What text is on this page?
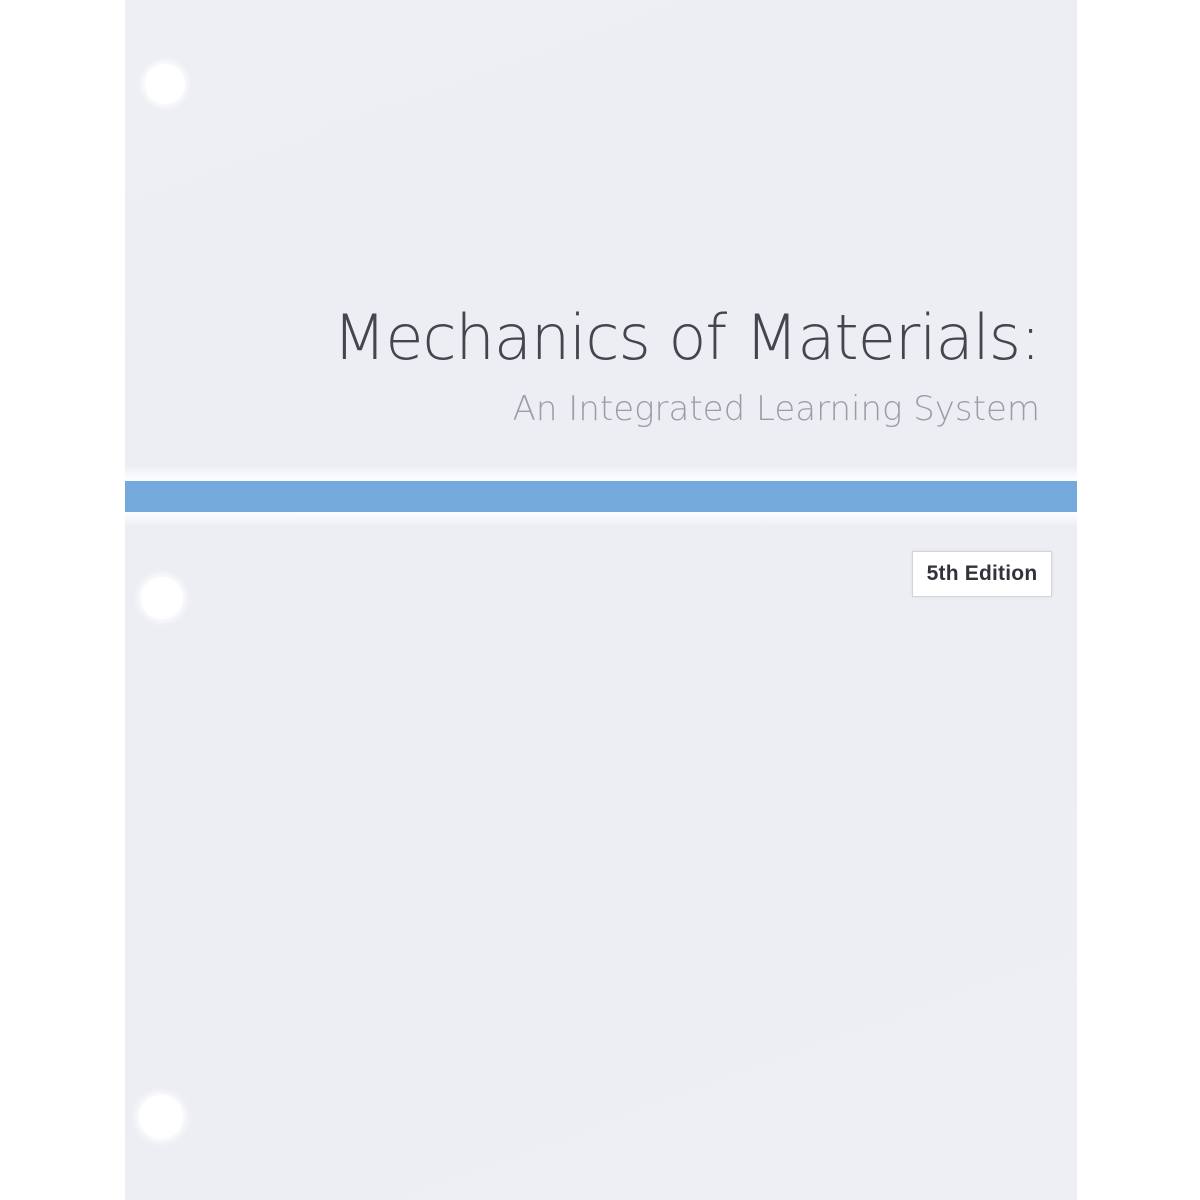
Mechanics of Materials:
An Integrated Learning System
5th Edition
